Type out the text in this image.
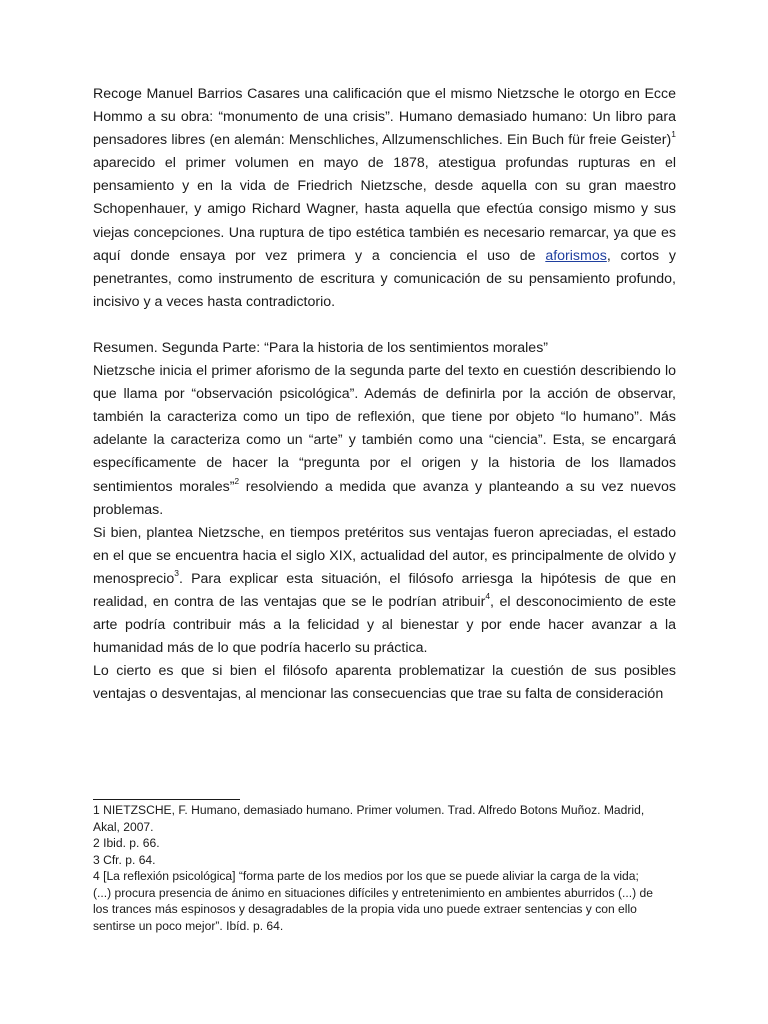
Recoge Manuel Barrios Casares una calificación que el mismo Nietzsche le otorgo en Ecce Hommo a su obra: “monumento de una crisis”. Humano demasiado humano: Un libro para pensadores libres (en alemán: Menschliches, Allzumenschliches. Ein Buch für freie Geister)$^1$ aparecido el primer volumen en mayo de 1878, atestigua profundas rupturas en el pensamiento y en la vida de Friedrich Nietzsche, desde aquella con su gran maestro Schopenhauer, y amigo Richard Wagner, hasta aquella que efectúa consigo mismo y sus viejas concepciones. Una ruptura de tipo estética también es necesario remarcar, ya que es aquí donde ensaya por vez primera y a conciencia el uso de aforismos, cortos y penetrantes, como instrumento de escritura y comunicación de su pensamiento profundo, incisivo y a veces hasta contradictorio.

Resumen. Segunda Parte: “Para la historia de los sentimientos morales”

Nietzsche inicia el primer aforismo de la segunda parte del texto en cuestión describiendo lo que llama por “observación psicológica”. Además de definirla por la acción de observar, también la caracteriza como un tipo de reflexión, que tiene por objeto “lo humano”. Más adelante la caracteriza como un “arte” y también como una “ciencia”. Esta, se encargará específicamente de hacer la “pregunta por el origen y la historia de los llamados sentimientos morales”$^2$ resolviendo a medida que avanza y planteando a su vez nuevos problemas.

Si bien, plantea Nietzsche, en tiempos pretéritos sus ventajas fueron apreciadas, el estado en el que se encuentra hacia el siglo XIX, actualidad del autor, es principalmente de olvido y menosprecio$^3$. Para explicar esta situación, el filósofo arriesga la hipótesis de que en realidad, en contra de las ventajas que se le podrían atribuir$^4$, el desconocimiento de este arte podría contribuir más a la felicidad y al bienestar y por ende hacer avanzar a la humanidad más de lo que podría hacerlo su práctica.

Lo cierto es que si bien el filósofo aparenta problematizar la cuestión de sus posibles ventajas o desventajas, al mencionar las consecuencias que trae su falta de consideración

1 NIETZSCHE, F. Humano, demasiado humano. Primer volumen. Trad. Alfredo Botons Muñoz. Madrid, Akal, 2007.

2 Ibid. p. 66.

3 Cfr. p. 64.

4 [La reflexión psicológica] “forma parte de los medios por los que se puede aliviar la carga de la vida; (...) procura presencia de ánimo en situaciones difíciles y entretenimiento en ambientes aburridos (...) de los trances más espinosos y desagradables de la propia vida uno puede extraer sentencias y con ello sentirse un poco mejor”. Ibíd. p. 64.
